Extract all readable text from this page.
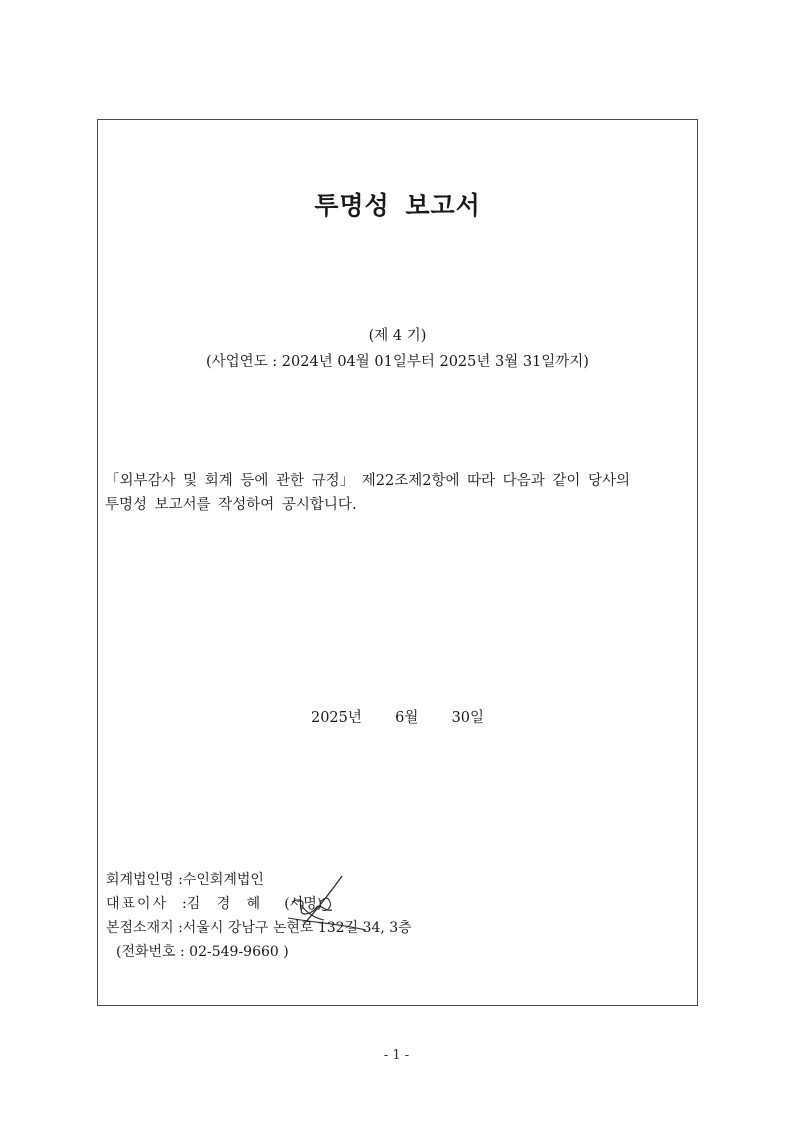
투명성 보고서
(제 4 기)
(사업연도 : 2024년 04월 01일부터 2025년 3월 31일까지)
「외부감사 및 회계 등에 관한 규정」 제22조제2항에 따라 다음과 같이 당사의
투명성 보고서를 작성하여 공시합니다.
2025년 6월 30일
회계법인명 :수인회계법인
대표이사 :김 경 혜 (서명)
본점소재지 :서울시 강남구 논현로 132길 34, 3층
(전화번호 : 02-549-9660 )
- 1 -
